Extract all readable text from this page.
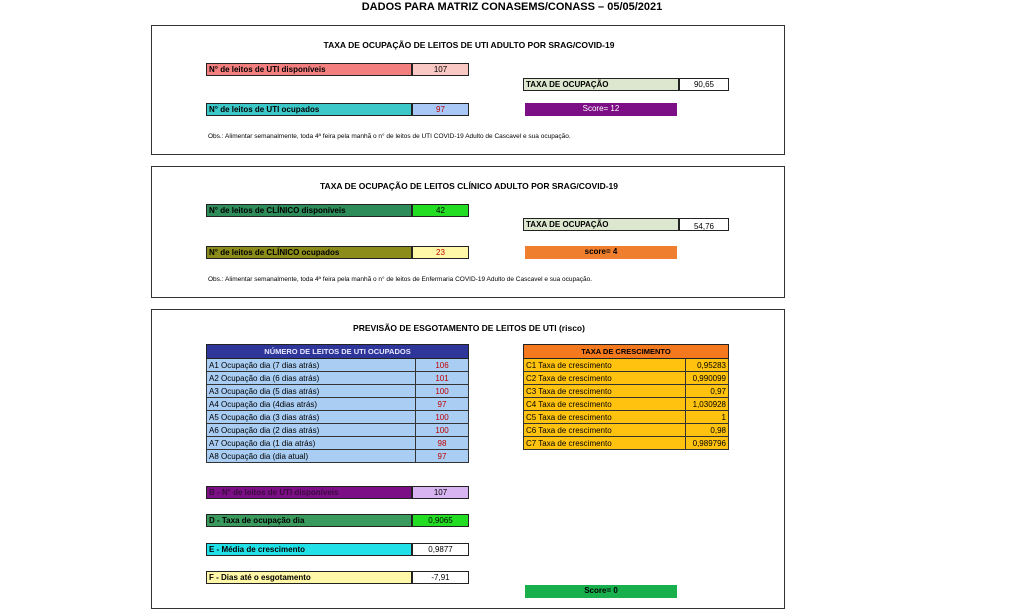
DADOS PARA MATRIZ CONASEMS/CONASS – 05/05/2021
TAXA DE OCUPAÇÃO DE LEITOS DE UTI ADULTO POR SRAG/COVID-19
N° de leitos de UTI disponíveis	107
TAXA DE OCUPAÇÃO	90,65
N° de leitos de UTI ocupados	97	Score= 12
Obs.: Alimentar semanalmente, toda 4ª feira pela manhã o n° de leitos de UTI COVID-19 Adulto de Cascavel e sua ocupação.
TAXA DE OCUPAÇÃO DE LEITOS CLÍNICO ADULTO POR SRAG/COVID-19
N° de leitos de CLÍNICO disponíveis	42
TAXA DE OCUPAÇÃO	54,76
N° de leitos de CLÍNICO ocupados	23	score= 4
Obs.: Alimentar semanalmente, toda 4ª feira pela manhã o n° de leitos de Enfermaria COVID-19 Adulto de Cascavel e sua ocupação.
PREVISÃO DE ESGOTAMENTO DE LEITOS DE UTI (risco)
NÚMERO DE LEITOS DE UTI OCUPADOS	
A1 Ocupação dia (7 dias atrás)	106
A2 Ocupação dia (6 dias atrás)	101
A3 Ocupação dia (5 dias atrás)	100
A4 Ocupação dia (4dias atrás)	97
A5 Ocupação dia (3 dias atrás)	100
A6 Ocupação dia (2 dias atrás)	100
A7 Ocupação dia (1 dia atrás)	98
A8 Ocupação dia (dia atual)	97
TAXA DE CRESCIMENTO	
C1 Taxa de crescimento	0,95283
C2 Taxa de crescimento	0,990099
C3 Taxa de crescimento	0,97
C4 Taxa de crescimento	1,030928
C5 Taxa de crescimento	1
C6 Taxa de crescimento	0,98
C7 Taxa de crescimento	0,989796
B - N° de leitos de UTI disponíveis	107
D - Taxa de ocupação dia	0,9065
E - Média de crescimento	0,9877
F - Dias até o esgotamento	-7,91
Score= 0
